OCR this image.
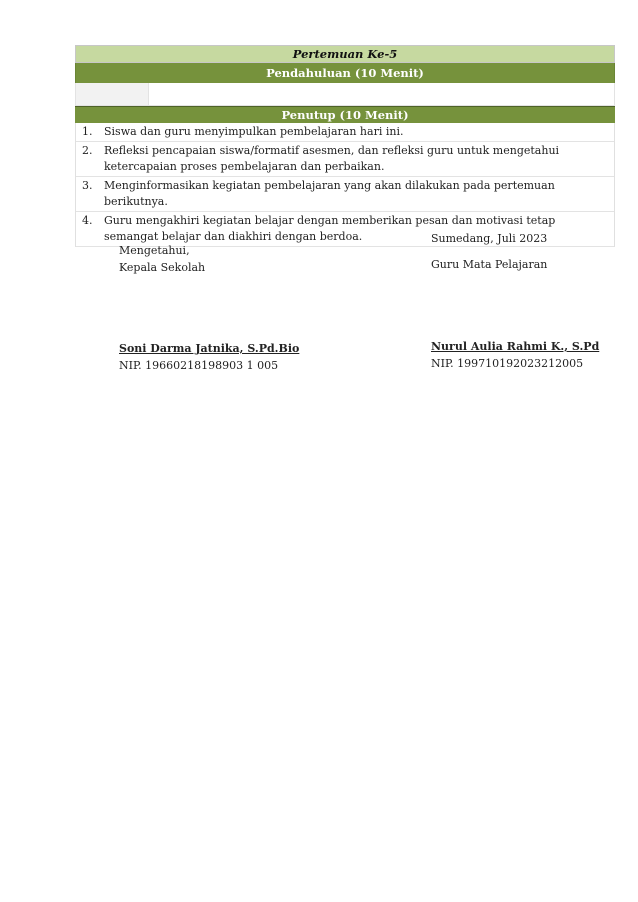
Pertemuan Ke-5
Pendahuluan (10 Menit)
Penutup (10 Menit)
1.	Siswa dan guru menyimpulkan pembelajaran hari ini.
2.	Refleksi pencapaian siswa/formatif asesmen, dan refleksi guru untuk mengetahui ketercapaian proses pembelajaran dan perbaikan.
3.	Menginformasikan kegiatan pembelajaran yang akan dilakukan pada pertemuan berikutnya.
4.	Guru mengakhiri kegiatan belajar dengan memberikan pesan dan motivasi tetap semangat belajar dan diakhiri dengan berdoa.
Mengetahui,
Kepala Sekolah
Sumedang, Juli 2023
Guru Mata Pelajaran
Soni Darma Jatnika, S.Pd.Bio
NIP. 19660218198903 1 005
Nurul Aulia Rahmi K., S.Pd
NIP. 199710192023212005
